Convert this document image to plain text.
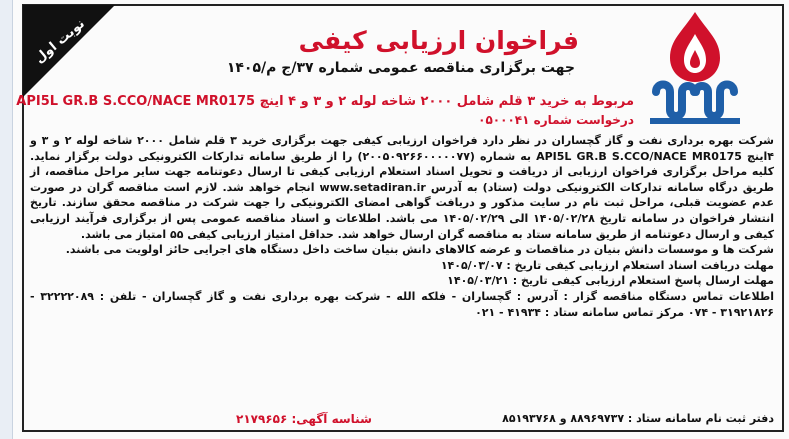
نوبت اول	فراخوان ارزیابی کیفی
جهت برگزاری مناقصه عمومی شماره ۳۷/ج م/۱۴۰۵
مربوط به خرید ۳ قلم شامل ۲۰۰۰ شاخه لوله ۲ و ۳ و ۴ اینچ API5L GR.B S.CCO/NACE MR0175
درخواست شماره ۰۵۰۰۰۴۱

شرکت بهره برداری نفت و گاز گچساران در نظر دارد فراخوان ارزیابی کیفی جهت برگزاری خرید ۳ قلم شامل ۲۰۰۰ شاخه لوله ۲ و ۳ و ۴اینچ API5L GR.B S.CCO/NACE MR0175 به شماره (۲۰۰۵۰۹۲۶۶۰۰۰۰۰۷۷) را از طریق سامانه تدارکات الکترونیکی دولت برگزار نماید. کلیه مراحل برگزاری فراخوان ارزیابی از دریافت و تحویل اسناد استعلام ارزیابی کیفی تا ارسال دعوتنامه جهت سایر مراحل مناقصه، از طریق درگاه سامانه تدارکات الکترونیکی دولت (ستاد) به آدرس www.setadiran.ir انجام خواهد شد. لازم است مناقصه گران در صورت عدم عضویت قبلی، مراحل ثبت نام در سایت مذکور و دریافت گواهی امضای الکترونیکی را جهت شرکت در مناقصه محقق سازند. تاریخ انتشار فراخوان در سامانه تاریخ ۱۴۰۵/۰۲/۲۸ الی ۱۴۰۵/۰۲/۲۹ می باشد. اطلاعات و اسناد مناقصه عمومی پس از برگزاری فرآیند ارزیابی کیفی و ارسال دعوتنامه از طریق سامانه ستاد به مناقصه گران ارسال خواهد شد. حداقل امتیاز ارزیابی کیفی ۵۵ امتیاز می باشد.

شرکت ها و موسسات دانش بنیان در مناقصات و عرضه کالاهای دانش بنیان ساخت داخل دستگاه های اجرایی حائز اولویت می باشند.

مهلت دریافت اسناد استعلام ارزیابی کیفی تاریخ : ۱۴۰۵/۰۳/۰۷

مهلت ارسال پاسخ استعلام ارزیابی کیفی تاریخ : ۱۴۰۵/۰۳/۲۱

اطلاعات تماس دستگاه مناقصه گزار : آدرس : گچساران - فلکه الله - شرکت بهره برداری نفت و گاز گچساران - تلفن : ۳۲۲۲۲۰۸۹ - ۳۱۹۲۱۸۲۶ - ۰۷۴ مرکز تماس سامانه ستاد : ۴۱۹۳۴ - ۰۲۱

دفتر ثبت نام سامانه ستاد : ۸۸۹۶۹۷۳۷ و ۸۵۱۹۳۷۶۸
شناسه آگهی: ۲۱۷۹۶۵۶
